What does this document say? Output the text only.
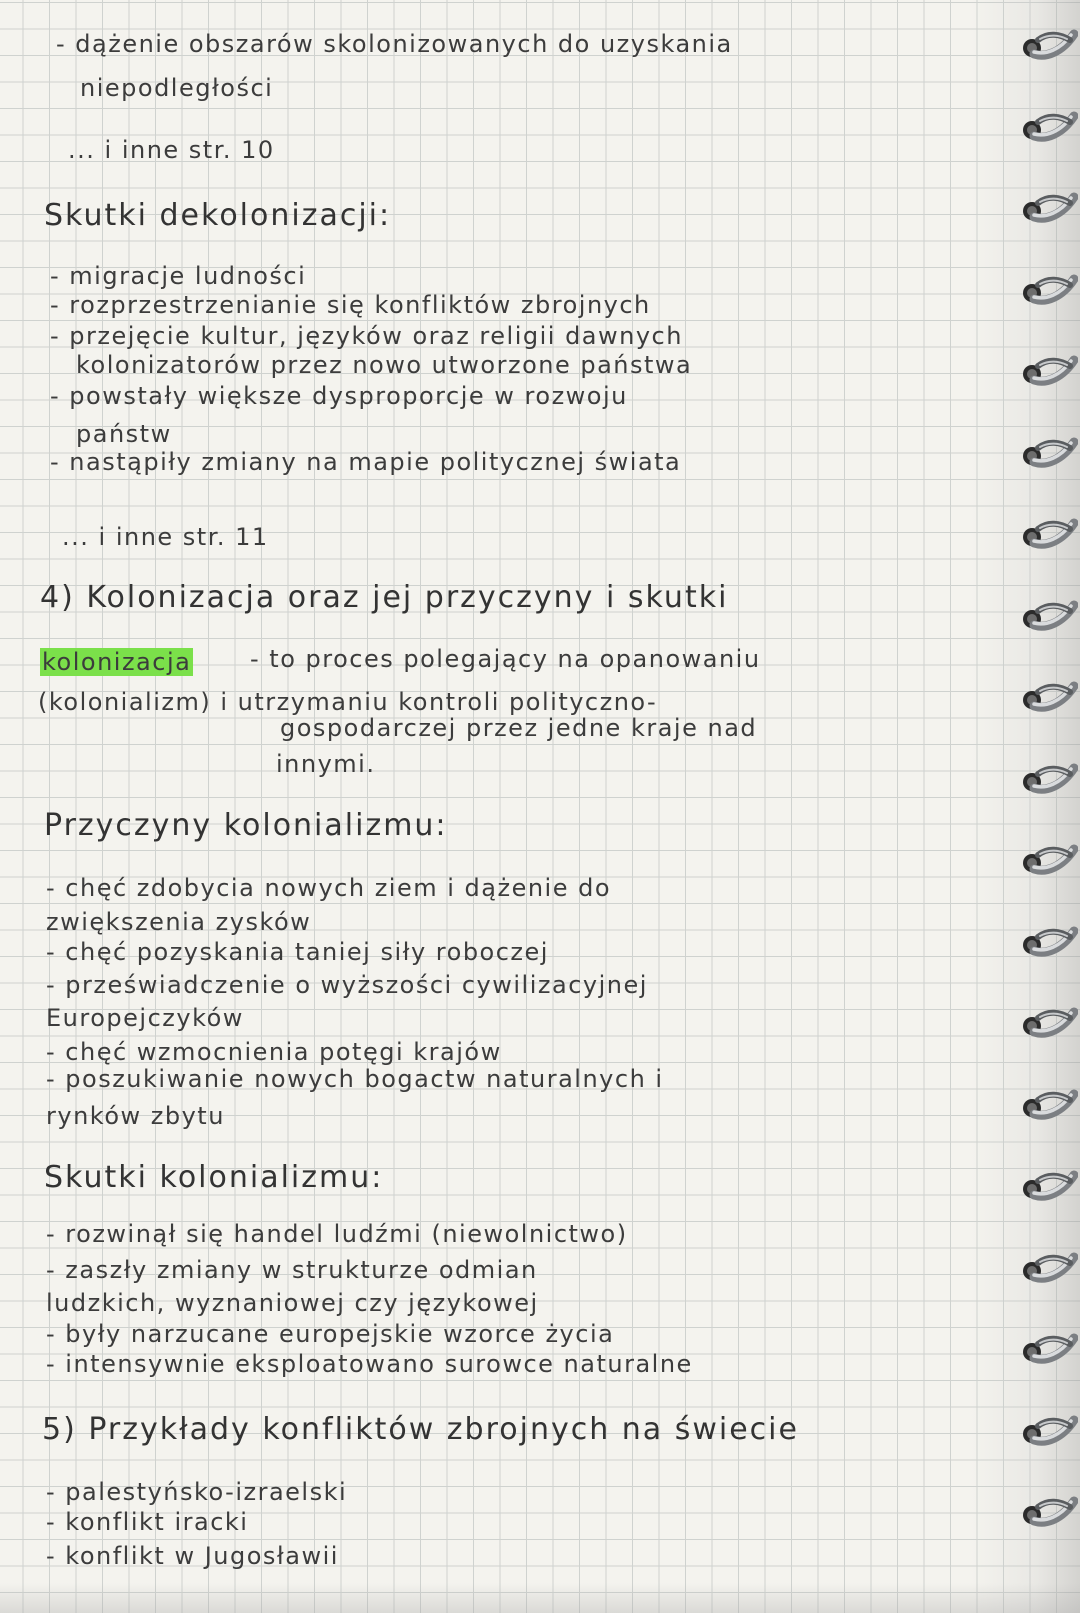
- dążenie obszarów skolonizowanych do uzyskania
niepodległości
... i inne str. 10
Skutki dekolonizacji:
- migracje ludności
- rozprzestrzenianie się konfliktów zbrojnych
- przejęcie kultur, języków oraz religii dawnych
kolonizatorów przez nowo utworzone państwa
- powstały większe dysproporcje w rozwoju
państw
- nastąpiły zmiany na mapie politycznej świata
... i inne str. 11
4) Kolonizacja oraz jej przyczyny i skutki
kolonizacja - to proces polegający na opanowaniu
(kolonializm) i utrzymaniu kontroli polityczno-
gospodarczej przez jedne kraje nad
innymi.
Przyczyny kolonializmu:
- chęć zdobycia nowych ziem i dążenie do
zwiększenia zysków
- chęć pozyskania taniej siły roboczej
- przeświadczenie o wyższości cywilizacyjnej
Europejczyków
- chęć wzmocnienia potęgi krajów
- poszukiwanie nowych bogactw naturalnych i
rynków zbytu
Skutki kolonializmu:
- rozwinął się handel ludźmi (niewolnictwo)
- zaszły zmiany w strukturze odmian
ludzkich, wyznaniowej czy językowej
- były narzucane europejskie wzorce życia
- intensywnie eksploatowano surowce naturalne
5) Przykłady konfliktów zbrojnych na świecie
- palestyńsko-izraelski
- konflikt iracki
- konflikt w Jugosławii
